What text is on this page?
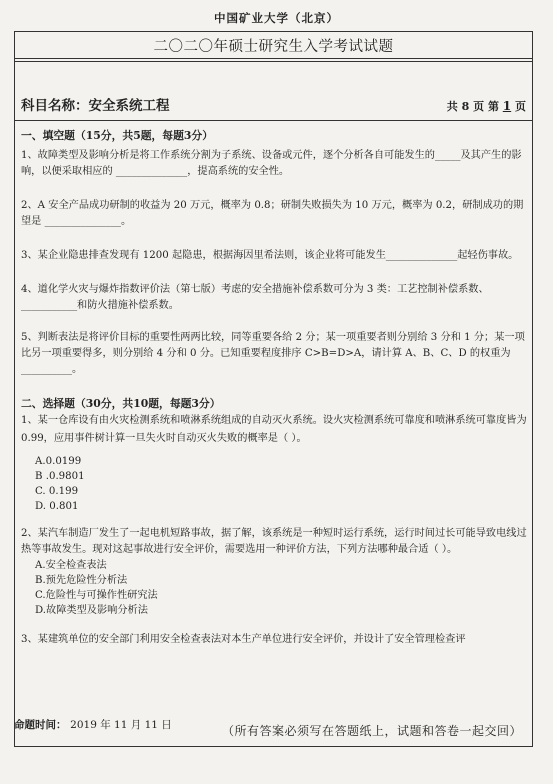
中国矿业大学（北京）
二〇二〇年硕士研究生入学考试试题
科目名称：安全系统工程	共 8 页 第 1 页

一、填空题（15分，共5题，每题3分）

1、故障类型及影响分析是将工作系统分割为子系统、设备或元件，逐个分析各自可能发生的_____及其产生的影响，以便采取相应的 ______________，提高系统的安全性。

2、A 安全产品成功研制的收益为 20 万元，概率为 0.8；研制失败损失为 10 万元，概率为 0.2，研制成功的期望是 _______________。

3、某企业隐患排查发现有 1200 起隐患，根据海因里希法则，该企业将可能发生______________起轻伤事故。

4、道化学火灾与爆炸指数评价法（第七版）考虑的安全措施补偿系数可分为 3 类：工艺控制补偿系数、___________和防火措施补偿系数。

5、判断表法是将评价目标的重要性两两比较，同等重要各给 2 分；某一项重要者则分别给 3 分和 1 分；某一项比另一项重要得多，则分别给 4 分和 0 分。已知重要程度排序 C>B=D>A，请计算 A、B、C、D 的权重为__________。

二、选择题（30分，共10题，每题3分）

1、某一仓库设有由火灾检测系统和喷淋系统组成的自动灭火系统。设火灾检测系统可靠度和喷淋系统可靠度皆为 0.99，应用事件树计算一旦失火时自动灭火失败的概率是（ ）。

A.0.0199

B .0.9801

C. 0.199

D. 0.801

2、某汽车制造厂发生了一起电机短路事故，据了解，该系统是一种短时运行系统，运行时间过长可能导致电线过热等事故发生。现对这起事故进行安全评价，需要选用一种评价方法，下列方法哪种最合适（ ）。

A.安全检查表法

B.预先危险性分析法

C.危险性与可操作性研究法

D.故障类型及影响分析法

3、某建筑单位的安全部门利用安全检查表法对本生产单位进行安全评价，并设计了安全管理检查评

（所有答案必须写在答题纸上，试题和答卷一起交回）
命题时间： 2019 年 11 月 11 日
